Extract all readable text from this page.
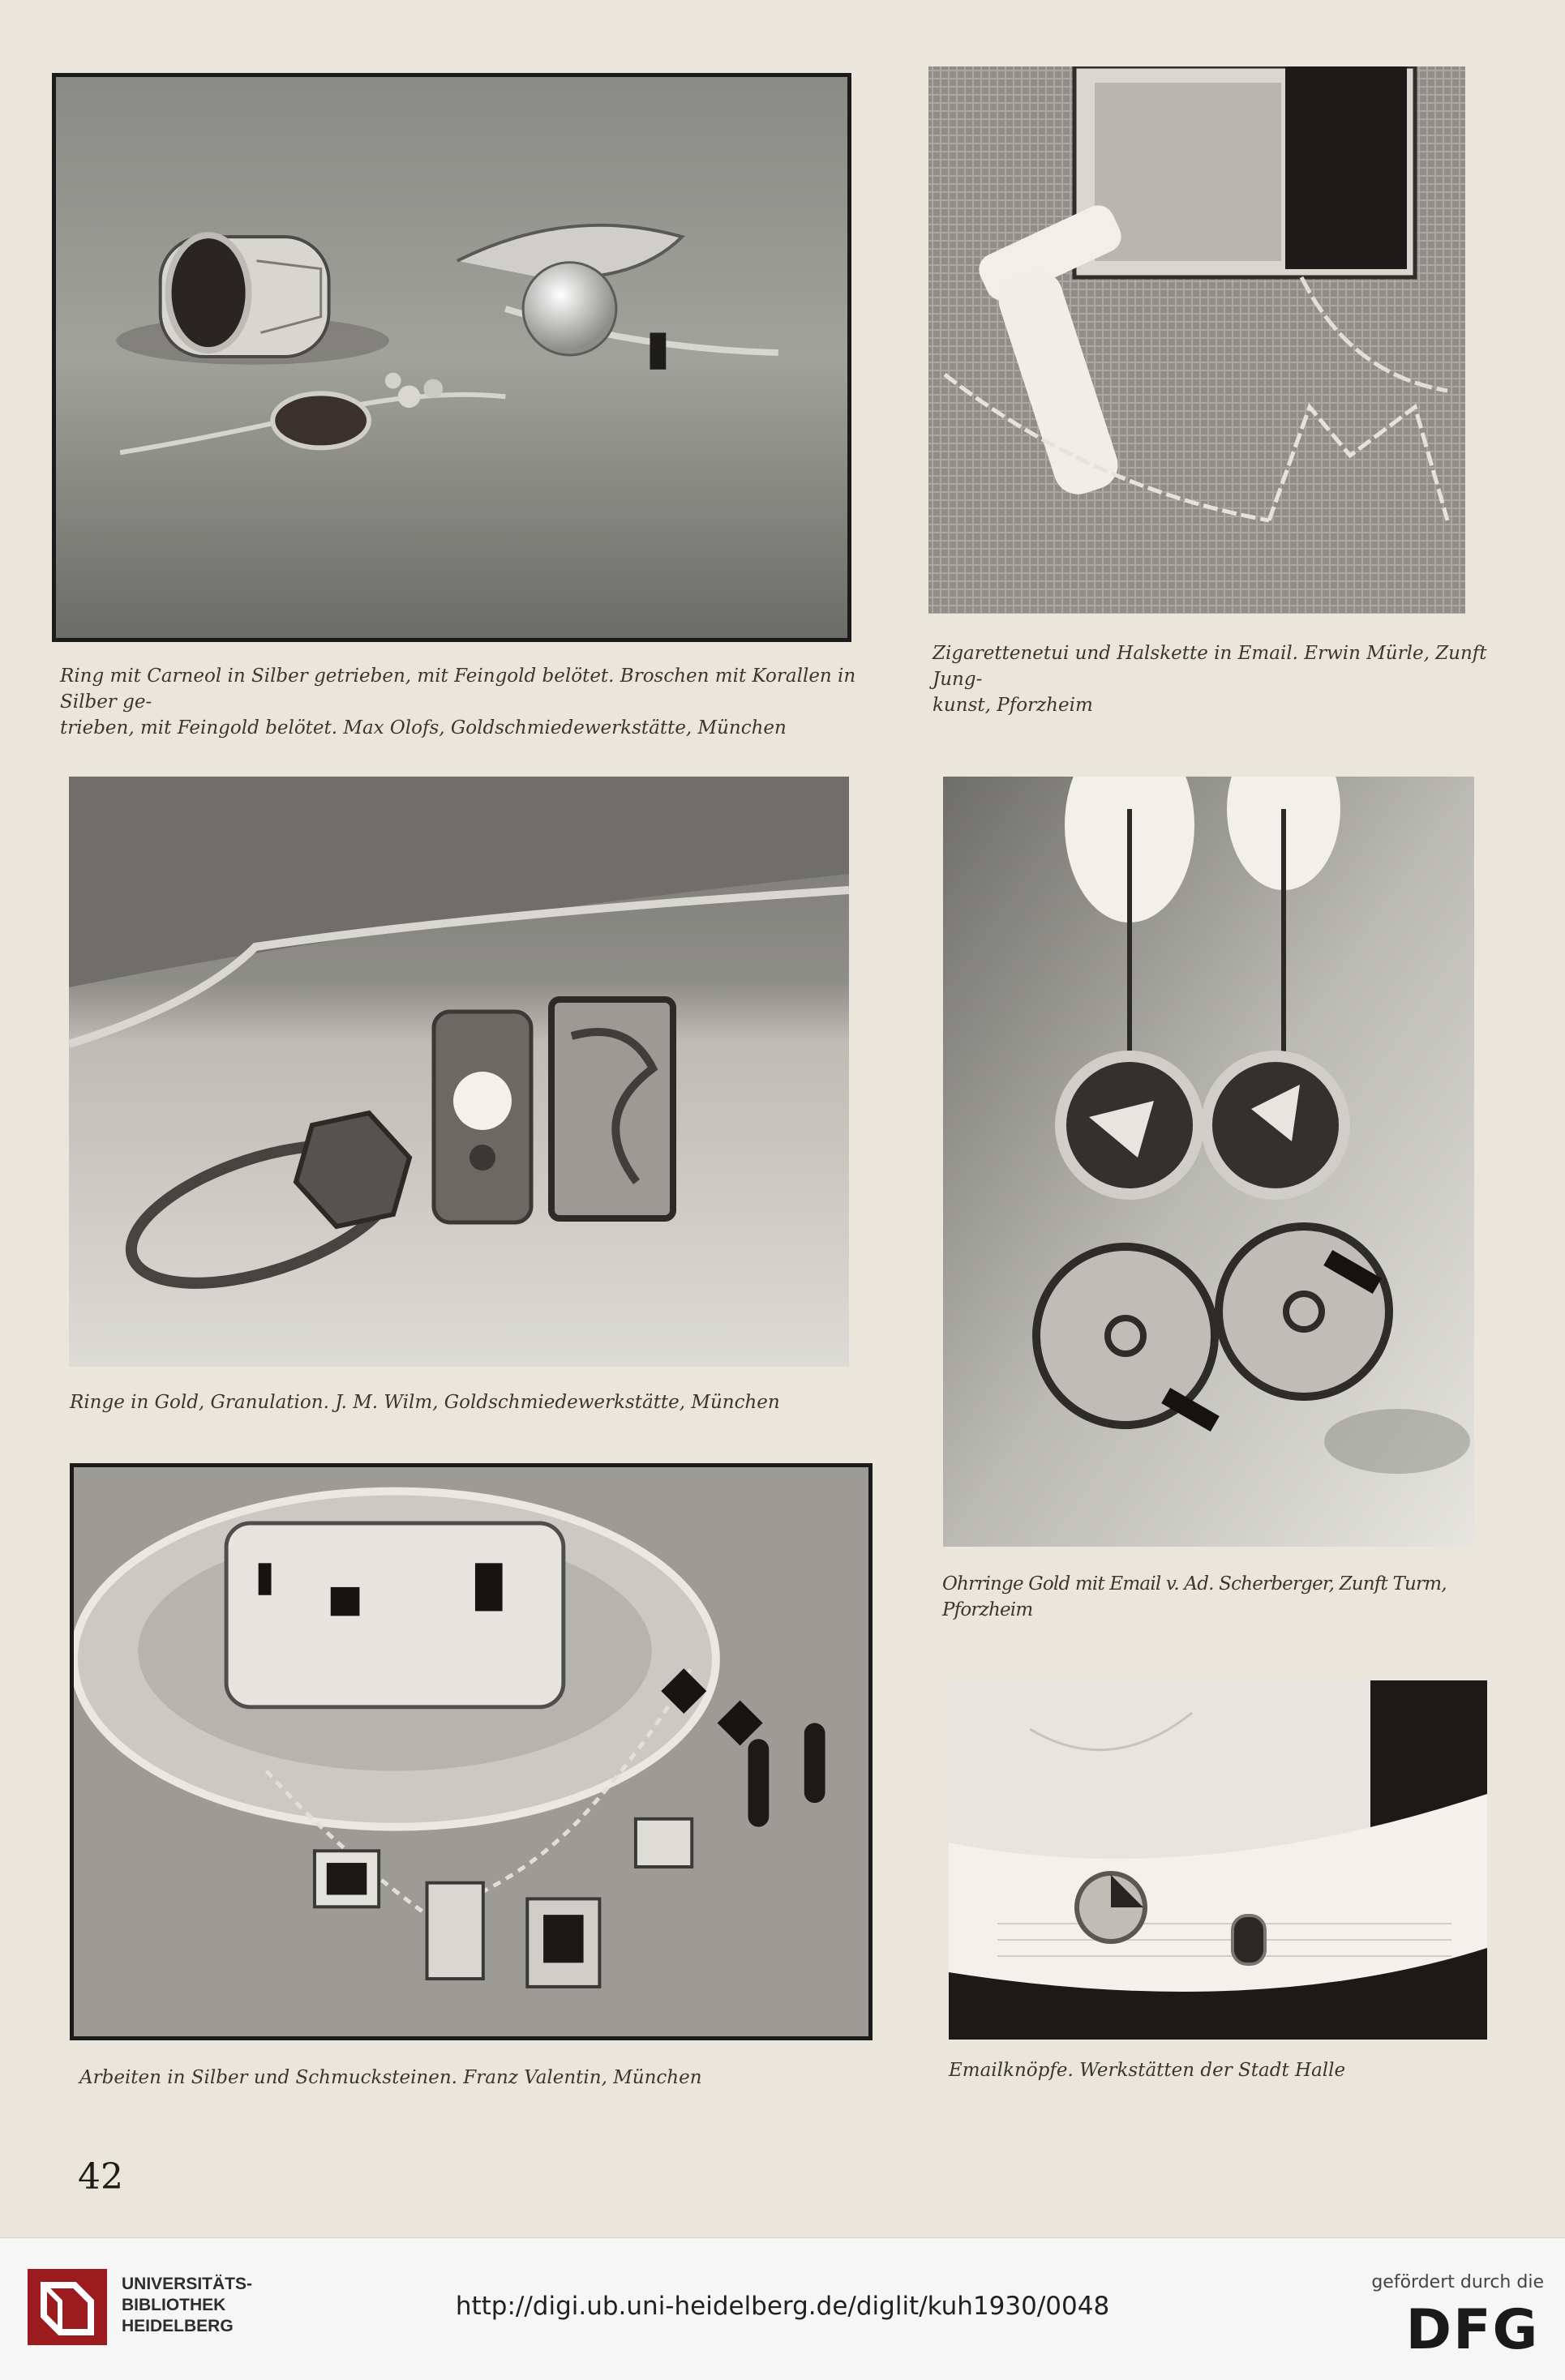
Ring mit Carneol in Silber getrieben, mit Feingold belötet. Broschen mit Korallen in Silber ge-
trieben, mit Feingold belötet. Max Olofs, Goldschmiedewerkstätte, München
Zigarettenetui und Halskette in Email. Erwin Mürle, Zunft Jung-
kunst, Pforzheim
Ringe in Gold, Granulation. J. M. Wilm, Goldschmiedewerkstätte, München
Ohrringe Gold mit Email v. Ad. Scherberger, Zunft Turm, Pforzheim
Arbeiten in Silber und Schmucksteinen. Franz Valentin, München	Emailknöpfe. Werkstätten der Stadt Halle
42
UNIVERSITÄTS-
BIBLIOTHEK
HEIDELBERG
http://digi.ub.uni-heidelberg.de/diglit/kuh1930/0048
gefördert durch die
DFG
